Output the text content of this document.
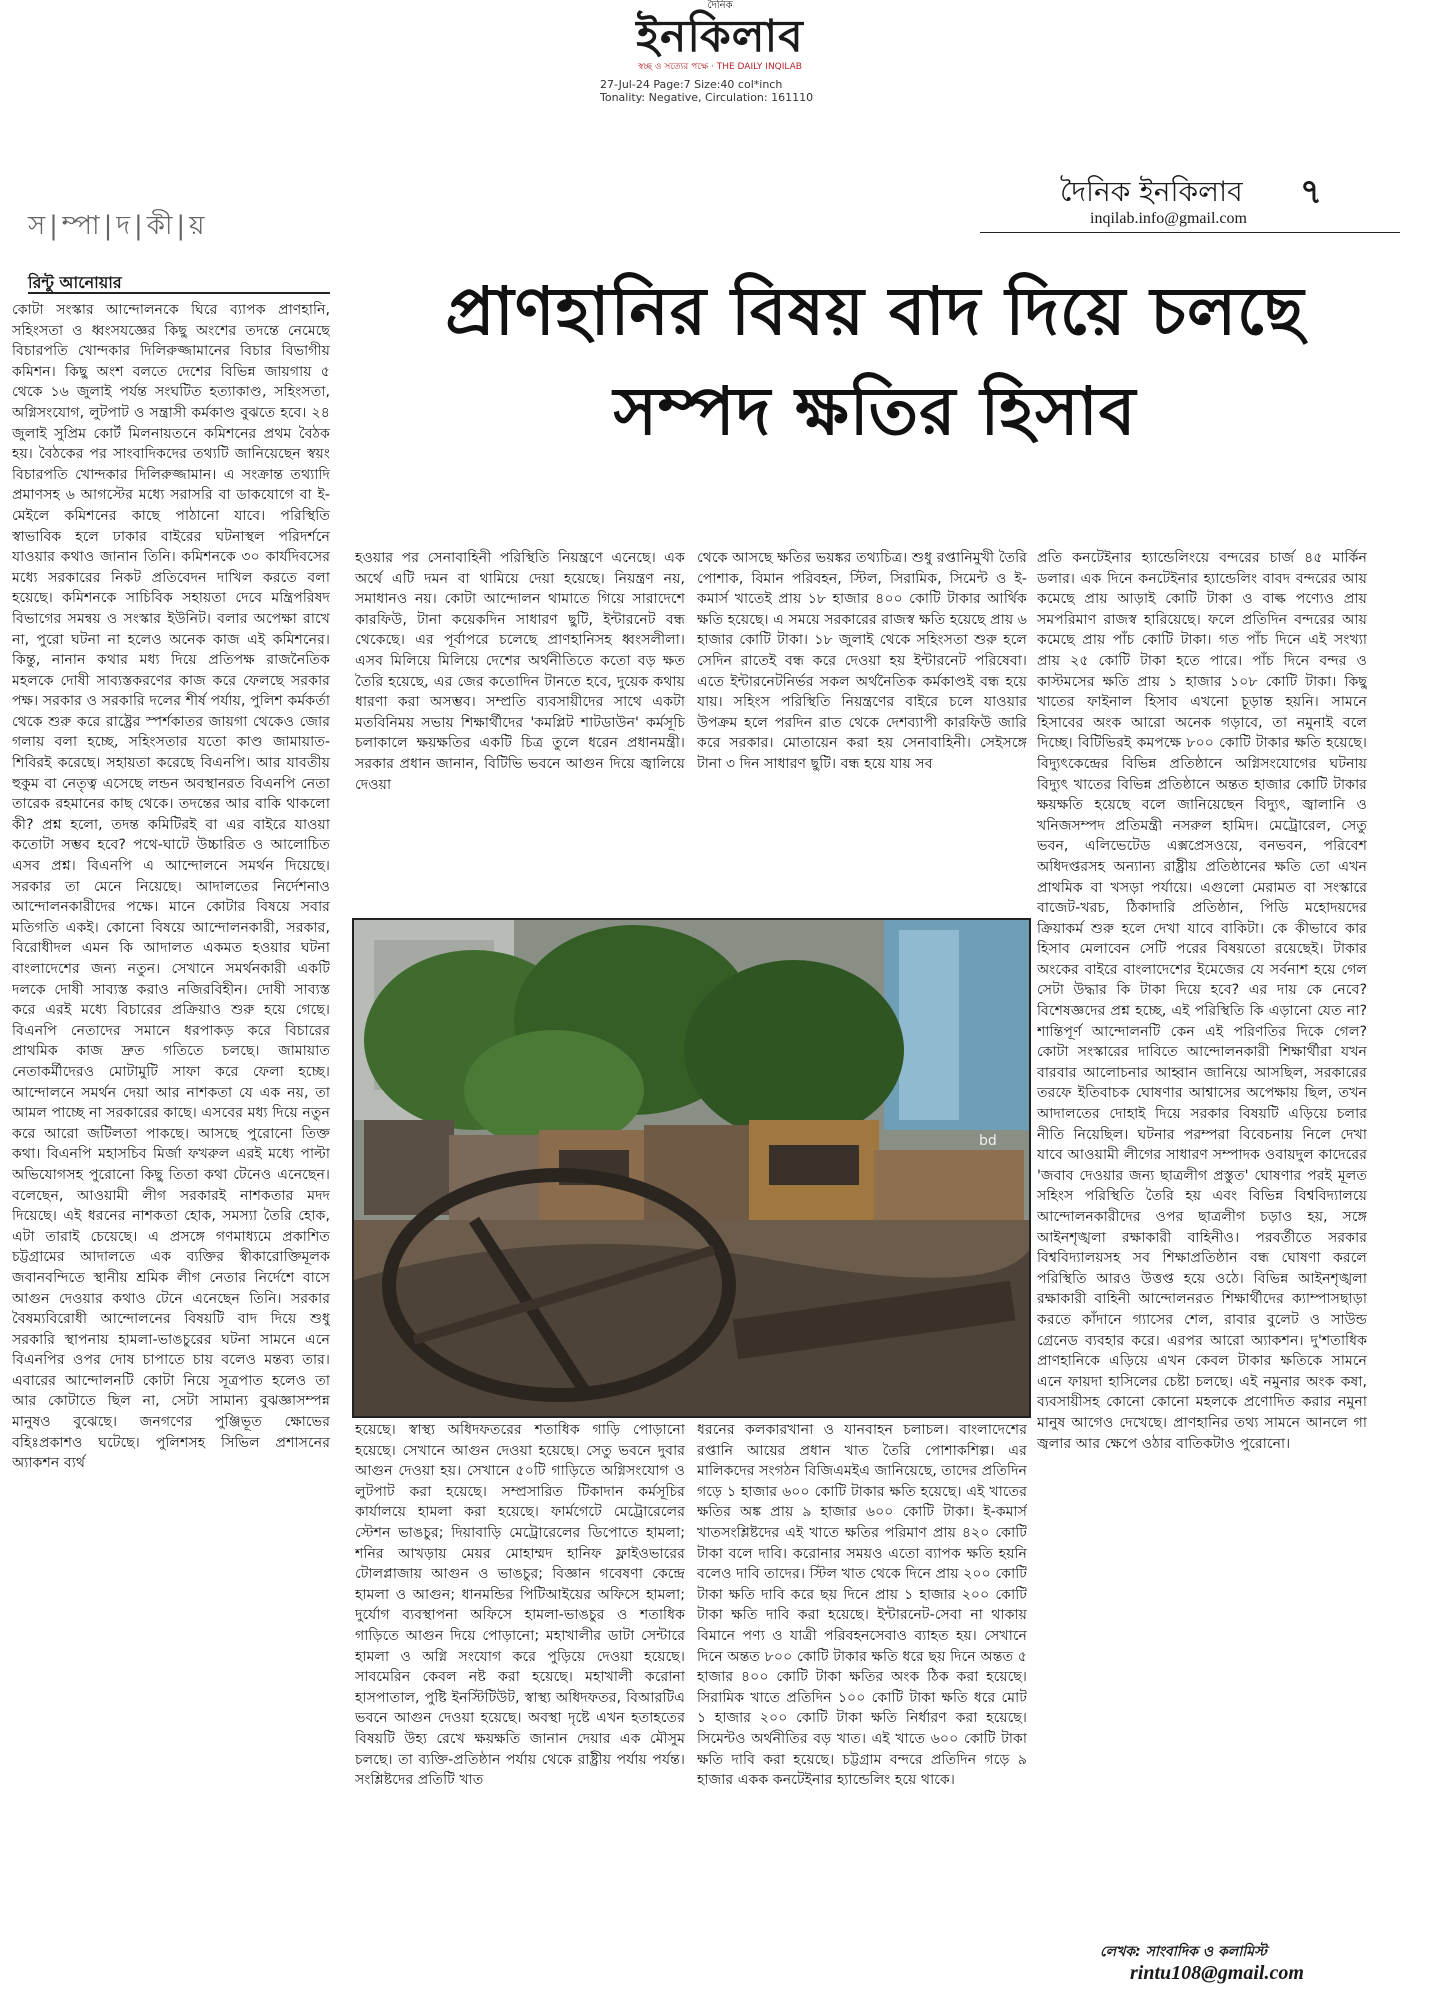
দৈনিক
ইনকিলাব
স্বচ্ছ ও সত্যের পক্ষে · THE DAILY INQILAB
27-Jul-24 Page:7 Size:40 col*inch
Tonality: Negative, Circulation: 161110
স|ম্পা|দ|কী|য়
দৈনিক ইনকিলাব ৭
inqilab.info@gmail.com
রিন্টু আনোয়ার	প্রাণহানির বিষয় বাদ দিয়ে চলছে
সম্পদ ক্ষতির হিসাব

কোটা সংস্কার আন্দোলনকে ঘিরে ব্যাপক প্রাণহানি, সহিংসতা ও ধ্বংসযজ্ঞের কিছু অংশের তদন্তে নেমেছে বিচারপতি খোন্দকার দিলিরুজ্জামানের বিচার বিভাগীয় কমিশন। কিছু অংশ বলতে দেশের বিভিন্ন জায়গায় ৫ থেকে ১৬ জুলাই পর্যন্ত সংঘটিত হত্যাকাণ্ড, সহিংসতা, অগ্নিসংযোগ, লুটপাট ও সন্ত্রাসী কর্মকাণ্ড বুঝতে হবে। ২৪ জুলাই সুপ্রিম কোর্ট মিলনায়তনে কমিশনের প্রথম বৈঠক হয়। বৈঠকের পর সাংবাদিকদের তথ্যটি জানিয়েছেন স্বয়ং বিচারপতি খোন্দকার দিলিরুজ্জামান। এ সংক্রান্ত তথ্যাদি প্রমাণসহ ৬ আগস্টের মধ্যে সরাসরি বা ডাকযোগে বা ই-মেইলে কমিশনের কাছে পাঠানো যাবে। পরিস্থিতি স্বাভাবিক হলে ঢাকার বাইরের ঘটনাস্থল পরিদর্শনে যাওয়ার কথাও জানান তিনি। কমিশনকে ৩০ কার্যদিবসের মধ্যে সরকারের নিকট প্রতিবেদন দাখিল করতে বলা হয়েছে। কমিশনকে সাচিবিক সহায়তা দেবে মন্ত্রিপরিষদ বিভাগের সমন্বয় ও সংস্কার ইউনিট। বলার অপেক্ষা রাখে না, পুরো ঘটনা না হলেও অনেক কাজ এই কমিশনের। কিন্তু, নানান কথার মধ্য দিয়ে প্রতিপক্ষ রাজনৈতিক মহলকে দোষী সাব্যস্তকরণের কাজ করে ফেলছে সরকার পক্ষ। সরকার ও সরকারি দলের শীর্ষ পর্যায়, পুলিশ কর্মকর্তা থেকে শুরু করে রাষ্ট্রের স্পর্শকাতর জায়গা থেকেও জোর গলায় বলা হচ্ছে, সহিংসতার যতো কাণ্ড জামায়াত-শিবিরই করেছে। সহায়তা করেছে বিএনপি। আর যাবতীয় হুকুম বা নেতৃত্ব এসেছে লন্ডন অবস্থানরত বিএনপি নেতা তারেক রহমানের কাছ থেকে। তদন্তের আর বাকি থাকলো কী? প্রশ্ন হলো, তদন্ত কমিটিরই বা এর বাইরে যাওয়া কতোটা সম্ভব হবে? পথে-ঘাটে উচ্চারিত ও আলোচিত এসব প্রশ্ন। বিএনপি এ আন্দোলনে সমর্থন দিয়েছে। সরকার তা মেনে নিয়েছে। আদালতের নির্দেশনাও আন্দোলনকারীদের পক্ষে। মানে কোটার বিষয়ে সবার মতিগতি একই। কোনো বিষয়ে আন্দোলনকারী, সরকার, বিরোধীদল এমন কি আদালত একমত হওয়ার ঘটনা বাংলাদেশের জন্য নতুন। সেখানে সমর্থনকারী একটি দলকে দোষী সাব্যস্ত করাও নজিরবিহীন। দোষী সাব্যস্ত করে এরই মধ্যে বিচারের প্রক্রিয়াও শুরু হয়ে গেছে। বিএনপি নেতাদের সমানে ধরপাকড় করে বিচারের প্রাথমিক কাজ দ্রুত গতিতে চলছে। জামায়াত নেতাকর্মীদেরও মোটামুটি সাফা করে ফেলা হচ্ছে। আন্দোলনে সমর্থন দেয়া আর নাশকতা যে এক নয়, তা আমল পাচ্ছে না সরকারের কাছে। এসবের মধ্য দিয়ে নতুন করে আরো জটিলতা পাকছে। আসছে পুরোনো তিক্ত কথা। বিএনপি মহাসচিব মির্জা ফখরুল এরই মধ্যে পাল্টা অভিযোগসহ পুরোনো কিছু তিতা কথা টেনেও এনেছেন। বলেছেন, আওয়ামী লীগ সরকারই নাশকতার মদদ দিয়েছে। এই ধরনের নাশকতা হোক, সমস্যা তৈরি হোক, এটা তারাই চেয়েছে। এ প্রসঙ্গে গণমাধ্যমে প্রকাশিত চট্টগ্রামের আদালতে এক ব্যক্তির স্বীকারোক্তিমূলক জবানবন্দিতে স্থানীয় শ্রমিক লীগ নেতার নির্দেশে বাসে আগুন দেওয়ার কথাও টেনে এনেছেন তিনি। সরকার বৈষম্যবিরোধী আন্দোলনের বিষয়টি বাদ দিয়ে শুধু সরকারি স্থাপনায় হামলা-ভাঙচুরের ঘটনা সামনে এনে বিএনপির ওপর দোষ চাপাতে চায় বলেও মন্তব্য তার। এবারের আন্দোলনটি কোটা নিয়ে সূত্রপাত হলেও তা আর কোটাতে ছিল না, সেটা সামান্য বুঝজ্ঞাসম্পন্ন মানুষও বুঝেছে। জনগণের পুঞ্জিভূত ক্ষোভের বহিঃপ্রকাশও ঘটেছে। পুলিশসহ সিভিল প্রশাসনের অ্যাকশন ব্যর্থ

হওয়ার পর সেনাবাহিনী পরিস্থিতি নিয়ন্ত্রণে এনেছে। এক অর্থে এটি দমন বা থামিয়ে দেয়া হয়েছে। নিয়ন্ত্রণ নয়, সমাধানও নয়। কোটা আন্দোলন থামাতে গিয়ে সারাদেশে কারফিউ, টানা কয়েকদিন সাধারণ ছুটি, ইন্টারনেট বন্ধ থেকেছে। এর পূর্বাপরে চলেছে প্রাণহানিসহ ধ্বংসলীলা। এসব মিলিয়ে মিলিয়ে দেশের অর্থনীতিতে কতো বড় ক্ষত তৈরি হয়েছে, এর জের কতোদিন টানতে হবে, দুয়েক কথায় ধারণা করা অসম্ভব। সম্প্রতি ব্যবসায়ীদের সাথে একটা মতবিনিময় সভায় শিক্ষার্থীদের 'কমপ্লিট শাটডাউন' কর্মসূচি চলাকালে ক্ষয়ক্ষতির একটি চিত্র তুলে ধরেন প্রধানমন্ত্রী। সরকার প্রধান জানান, বিটিভি ভবনে আগুন দিয়ে জ্বালিয়ে দেওয়া

থেকে আসছে ক্ষতির ভয়ঙ্কর তথ্যচিত্র। শুধু রপ্তানিমুখী তৈরি পোশাক, বিমান পরিবহন, স্টিল, সিরামিক, সিমেন্ট ও ই-কমার্স খাতেই প্রায় ১৮ হাজার ৪০০ কোটি টাকার আর্থিক ক্ষতি হয়েছে। এ সময়ে সরকারের রাজস্ব ক্ষতি হয়েছে প্রায় ৬ হাজার কোটি টাকা। ১৮ জুলাই থেকে সহিংসতা শুরু হলে সেদিন রাতেই বন্ধ করে দেওয়া হয় ইন্টারনেট পরিষেবা। এতে ইন্টারনেটনির্ভর সকল অর্থনৈতিক কর্মকাণ্ডই বন্ধ হয়ে যায়। সহিংস পরিস্থিতি নিয়ন্ত্রণের বাইরে চলে যাওয়ার উপক্রম হলে পরদিন রাত থেকে দেশব্যাপী কারফিউ জারি করে সরকার। মোতায়েন করা হয় সেনাবাহিনী। সেইসঙ্গে টানা ৩ দিন সাধারণ ছুটি। বন্ধ হয়ে যায় সব

প্রতি কনটেইনার হ্যান্ডেলিংয়ে বন্দরের চার্জ ৪৫ মার্কিন ডলার। এক দিনে কনটেইনার হ্যান্ডেলিং বাবদ বন্দরের আয় কমেছে প্রায় আড়াই কোটি টাকা ও বাল্ক পণ্যেও প্রায় সমপরিমাণ রাজস্ব হারিয়েছে। ফলে প্রতিদিন বন্দরের আয় কমেছে প্রায় পাঁচ কোটি টাকা। গত পাঁচ দিনে এই সংখ্যা প্রায় ২৫ কোটি টাকা হতে পারে। পাঁচ দিনে বন্দর ও কাস্টমসের ক্ষতি প্রায় ১ হাজার ১০৮ কোটি টাকা। কিছু খাতের ফাইনাল হিসাব এখনো চূড়ান্ত হয়নি। সামনে হিসাবের অংক আরো অনেক গড়াবে, তা নমুনাই বলে দিচ্ছে। বিটিভিরই কমপক্ষে ৮০০ কোটি টাকার ক্ষতি হয়েছে। বিদ্যুৎকেন্দ্রের বিভিন্ন প্রতিষ্ঠানে অগ্নিসংযোগের ঘটনায় বিদ্যুৎ খাতের বিভিন্ন প্রতিষ্ঠানে অন্তত হাজার কোটি টাকার ক্ষয়ক্ষতি হয়েছে বলে জানিয়েছেন বিদ্যুৎ, জ্বালানি ও খনিজসম্পদ প্রতিমন্ত্রী নসরুল হামিদ। মেট্রোরেল, সেতু ভবন, এলিভেটেড এক্সপ্রেসওয়ে, বনভবন, পরিবেশ অধিদপ্তরসহ অন্যান্য রাষ্ট্রীয় প্রতিষ্ঠানের ক্ষতি তো এখন প্রাথমিক বা খসড়া পর্যায়ে। এগুলো মেরামত বা সংস্কারে বাজেট-খরচ, ঠিকাদারি প্রতিষ্ঠান, পিডি মহোদয়দের ক্রিয়াকর্ম শুরু হলে দেখা যাবে বাকিটা। কে কীভাবে কার হিসাব মেলাবেন সেটি পরের বিষয়তো রয়েছেই। টাকার অংকের বাইরে বাংলাদেশের ইমেজের যে সর্বনাশ হয়ে গেল সেটা উদ্ধার কি টাকা দিয়ে হবে? এর দায় কে নেবে? বিশেষজ্ঞদের প্রশ্ন হচ্ছে, এই পরিস্থিতি কি এড়ানো যেত না? শান্তিপূর্ণ আন্দোলনটি কেন এই পরিণতির দিকে গেল? কোটা সংস্কারের দাবিতে আন্দোলনকারী শিক্ষার্থীরা যখন বারবার আলোচনার আহ্বান জানিয়ে আসছিল, সরকারের তরফে ইতিবাচক ঘোষণার আশ্বাসের অপেক্ষায় ছিল, তখন আদালতের দোহাই দিয়ে সরকার বিষয়টি এড়িয়ে চলার নীতি নিয়েছিল। ঘটনার পরম্পরা বিবেচনায় নিলে দেখা যাবে আওয়ামী লীগের সাধারণ সম্পাদক ওবায়দুল কাদেরের 'জবাব দেওয়ার জন্য ছাত্রলীগ প্রস্তুত' ঘোষণার পরই মূলত সহিংস পরিস্থিতি তৈরি হয় এবং বিভিন্ন বিশ্ববিদ্যালয়ে আন্দোলনকারীদের ওপর ছাত্রলীগ চড়াও হয়, সঙ্গে আইনশৃঙ্খলা রক্ষাকারী বাহিনীও। পরবর্তীতে সরকার বিশ্ববিদ্যালয়সহ সব শিক্ষাপ্রতিষ্ঠান বন্ধ ঘোষণা করলে পরিস্থিতি আরও উত্তপ্ত হয়ে ওঠে। বিভিন্ন আইনশৃঙ্খলা রক্ষাকারী বাহিনী আন্দোলনরত শিক্ষার্থীদের ক্যাম্পাসছাড়া করতে কাঁদানে গ্যাসের শেল, রাবার বুলেট ও সাউন্ড গ্রেনেড ব্যবহার করে। এরপর আরো অ্যাকশন। দু'শতাধিক প্রাণহানিকে এড়িয়ে এখন কেবল টাকার ক্ষতিকে সামনে এনে ফায়দা হাসিলের চেষ্টা চলছে। এই নমুনার অংক কষা, ব্যবসায়ীসহ কোনো কোনো মহলকে প্রণোদিত করার নমুনা মানুষ আগেও দেখেছে। প্রাণহানির তথ্য সামনে আনলে গা জ্বলার আর ক্ষেপে ওঠার বাতিকটাও পুরোনো।

bd

হয়েছে। স্বাস্থ্য অধিদফতরের শতাধিক গাড়ি পোড়ানো হয়েছে। সেখানে আগুন দেওয়া হয়েছে। সেতু ভবনে দুবার আগুন দেওয়া হয়। সেখানে ৫০টি গাড়িতে অগ্নিসংযোগ ও লুটপাট করা হয়েছে। সম্প্রসারিত টিকাদান কর্মসূচির কার্যালয়ে হামলা করা হয়েছে। ফার্মগেটে মেট্রোরেলের স্টেশন ভাঙচুর; দিয়াবাড়ি মেট্রোরেলের ডিপোতে হামলা; শনির আখড়ায় মেয়র মোহাম্মদ হানিফ ফ্লাইওভারের টোলপ্লাজায় আগুন ও ভাঙচুর; বিজ্ঞান গবেষণা কেন্দ্রে হামলা ও আগুন; ধানমন্ডির পিটিআইয়ের অফিসে হামলা; দুর্যোগ ব্যবস্থাপনা অফিসে হামলা-ভাঙচুর ও শতাধিক গাড়িতে আগুন দিয়ে পোড়ানো; মহাখালীর ডাটা সেন্টারে হামলা ও অগ্নি সংযোগ করে পুড়িয়ে দেওয়া হয়েছে। সাবমেরিন কেবল নষ্ট করা হয়েছে। মহাখালী করোনা হাসপাতাল, পুষ্টি ইনস্টিটিউট, স্বাস্থ্য অধিদফতর, বিআরটিএ ভবনে আগুন দেওয়া হয়েছে। অবস্থা দৃষ্টে এখন হতাহতের বিষয়টি উহ্য রেখে ক্ষয়ক্ষতি জানান দেয়ার এক মৌসুম চলছে। তা ব্যক্তি-প্রতিষ্ঠান পর্যায় থেকে রাষ্ট্রীয় পর্যায় পর্যন্ত। সংশ্লিষ্টদের প্রতিটি খাত

ধরনের কলকারখানা ও যানবাহন চলাচল। বাংলাদেশের রপ্তানি আয়ের প্রধান খাত তৈরি পোশাকশিল্প। এর মালিকদের সংগঠন বিজিএমইএ জানিয়েছে, তাদের প্রতিদিন গড়ে ১ হাজার ৬০০ কোটি টাকার ক্ষতি হয়েছে। এই খাতের ক্ষতির অঙ্ক প্রায় ৯ হাজার ৬০০ কোটি টাকা। ই-কমার্স খাতসংশ্লিষ্টদের এই খাতে ক্ষতির পরিমাণ প্রায় ৪২০ কোটি টাকা বলে দাবি। করোনার সময়ও এতো ব্যাপক ক্ষতি হয়নি বলেও দাবি তাদের। স্টিল খাত থেকে দিনে প্রায় ২০০ কোটি টাকা ক্ষতি দাবি করে ছয় দিনে প্রায় ১ হাজার ২০০ কোটি টাকা ক্ষতি দাবি করা হয়েছে। ইন্টারনেট-সেবা না থাকায় বিমানে পণ্য ও যাত্রী পরিবহনসেবাও ব্যাহত হয়। সেখানে দিনে অন্তত ৮০০ কোটি টাকার ক্ষতি ধরে ছয় দিনে অন্তত ৫ হাজার ৪০০ কোটি টাকা ক্ষতির অংক ঠিক করা হয়েছে। সিরামিক খাতে প্রতিদিন ১০০ কোটি টাকা ক্ষতি ধরে মোট ১ হাজার ২০০ কোটি টাকা ক্ষতি নির্ধারণ করা হয়েছে। সিমেন্টও অর্থনীতির বড় খাত। এই খাতে ৬০০ কোটি টাকা ক্ষতি দাবি করা হয়েছে। চট্টগ্রাম বন্দরে প্রতিদিন গড়ে ৯ হাজার একক কনটেইনার হ্যান্ডেলিং হয়ে থাকে।

লেখক: সাংবাদিক ও কলামিস্ট
rintu108@gmail.com
